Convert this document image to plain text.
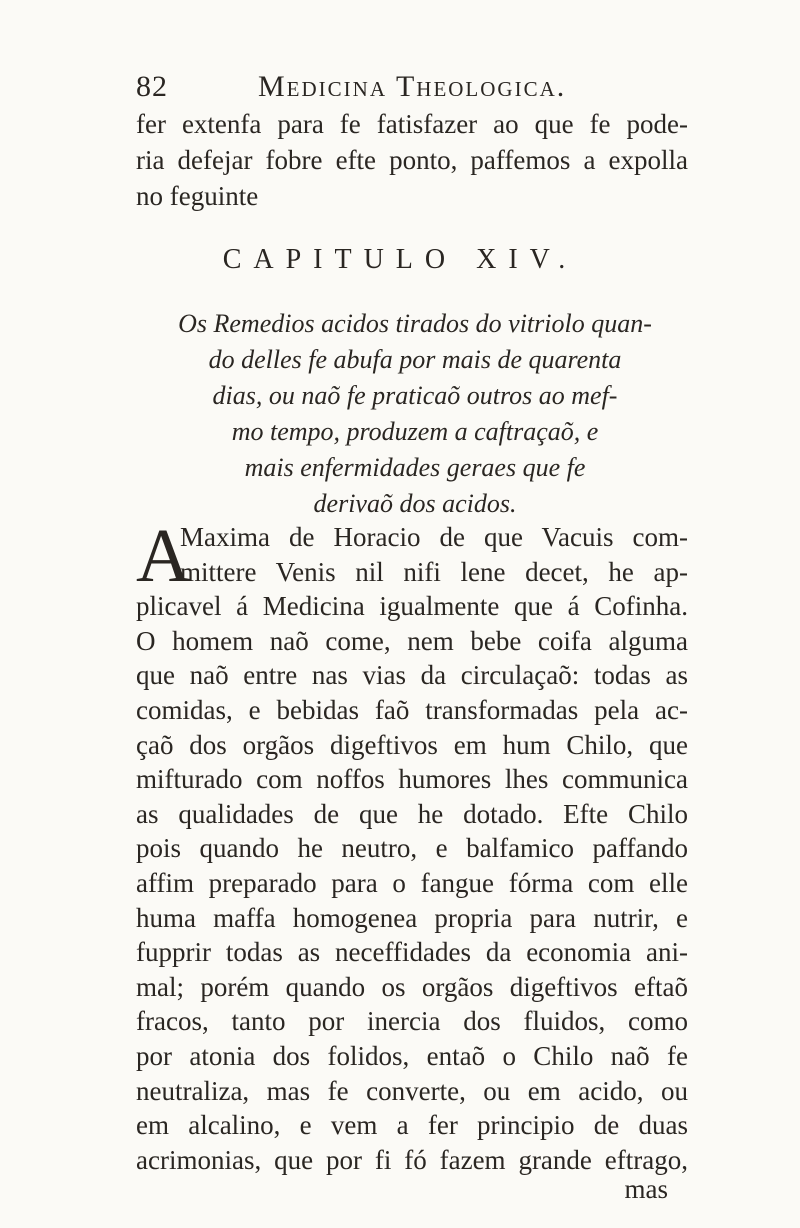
82	Medicina Theologica.
fer extenfa para fe fatisfazer ao que fe pode-
ria defejar fobre efte ponto, paffemos a expolla
no feguinte
CAPITULO XIV.
Os Remedios acidos tirados do vitriolo quan-
do delles fe abufa por mais de quarenta
dias, ou naõ fe praticaõ outros ao mef-
mo tempo, produzem a caftraçaõ, e
mais enfermidades geraes que fe
derivaõ dos acidos.
A
Maxima de Horacio de que Vacuis com-
mittere Venis nil nifi lene decet, he ap-
plicavel á Medicina igualmente que á Cofinha.
O homem naõ come, nem bebe coifa alguma
que naõ entre nas vias da circulaçaõ: todas as
comidas, e bebidas faõ transformadas pela ac-
çaõ dos orgãos digeftivos em hum Chilo, que
mifturado com noffos humores lhes communica
as qualidades de que he dotado. Efte Chilo
pois quando he neutro, e balfamico paffando
affim preparado para o fangue fórma com elle
huma maffa homogenea propria para nutrir, e
fupprir todas as neceffidades da economia ani-
mal; porém quando os orgãos digeftivos eftaõ
fracos, tanto por inercia dos fluidos, como
por atonia dos folidos, entaõ o Chilo naõ fe
neutraliza, mas fe converte, ou em acido, ou
em alcalino, e vem a fer principio de duas
acrimonias, que por fi fó fazem grande eftrago,
mas
